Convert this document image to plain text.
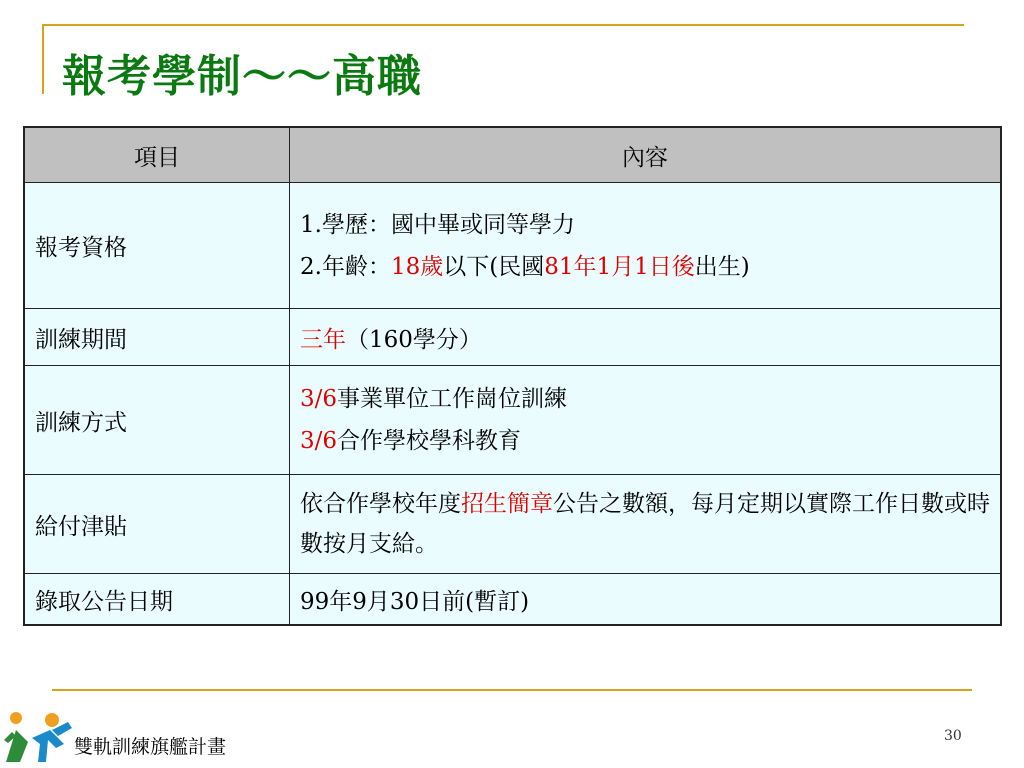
報考學制～～高職
項目	內容
報考資格	1.學歷：國中畢或同等學力
2.年齡：18歲以下(民國81年1月1日後出生)

訓練期間	三年（160學分）
訓練方式	3/6事業單位工作崗位訓練
3/6合作學校學科教育

給付津貼	依合作學校年度招生簡章公告之數額，每月定期以實際工作日數或時數按月支給。

錄取公告日期	99年9月30日前(暫訂)
雙軌訓練旗艦計畫	30
